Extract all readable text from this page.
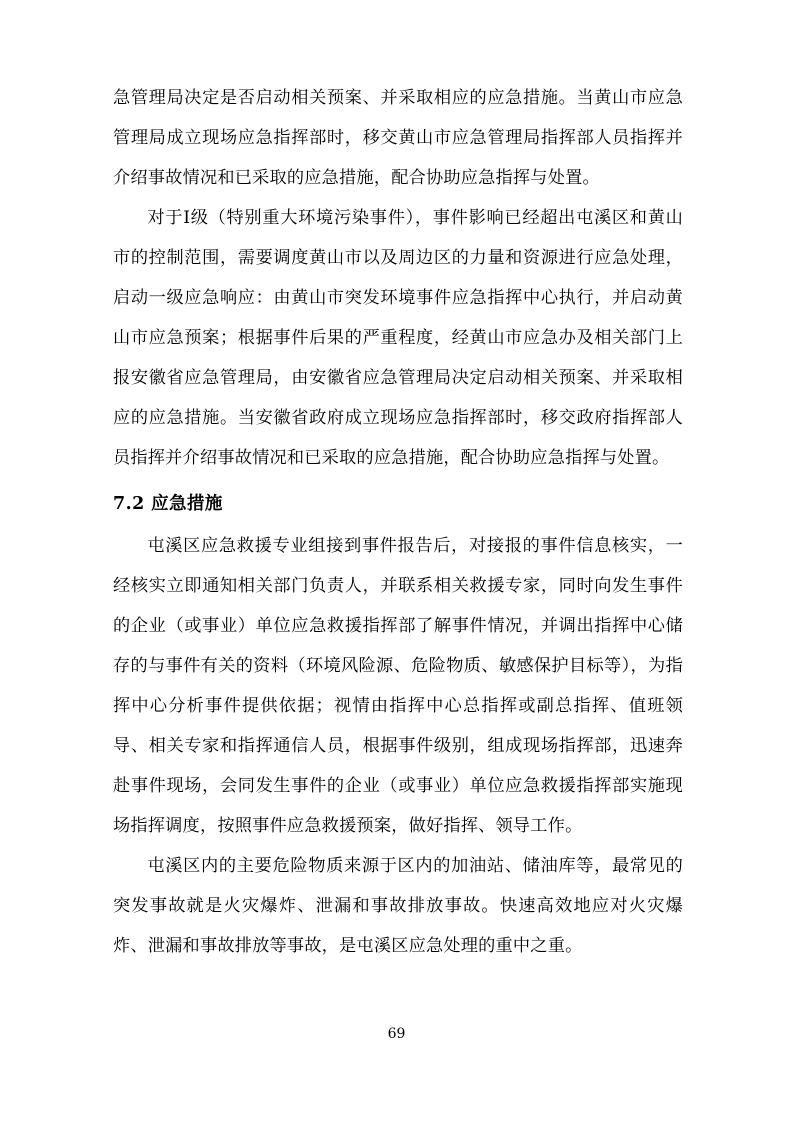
急管理局决定是否启动相关预案、并采取相应的应急措施。当黄山市应急管理局成立现场应急指挥部时，移交黄山市应急管理局指挥部人员指挥并介绍事故情况和已采取的应急措施，配合协助应急指挥与处置。

对于Ⅰ级（特别重大环境污染事件），事件影响已经超出屯溪区和黄山市的控制范围，需要调度黄山市以及周边区的力量和资源进行应急处理，启动一级应急响应：由黄山市突发环境事件应急指挥中心执行，并启动黄山市应急预案；根据事件后果的严重程度，经黄山市应急办及相关部门上报安徽省应急管理局，由安徽省应急管理局决定启动相关预案、并采取相应的应急措施。当安徽省政府成立现场应急指挥部时，移交政府指挥部人员指挥并介绍事故情况和已采取的应急措施，配合协助应急指挥与处置。

7.2 应急措施

屯溪区应急救援专业组接到事件报告后，对接报的事件信息核实，一经核实立即通知相关部门负责人，并联系相关救援专家，同时向发生事件的企业（或事业）单位应急救援指挥部了解事件情况，并调出指挥中心储存的与事件有关的资料（环境风险源、危险物质、敏感保护目标等），为指挥中心分析事件提供依据；视情由指挥中心总指挥或副总指挥、值班领导、相关专家和指挥通信人员，根据事件级别，组成现场指挥部，迅速奔赴事件现场，会同发生事件的企业（或事业）单位应急救援指挥部实施现场指挥调度，按照事件应急救援预案，做好指挥、领导工作。

屯溪区内的主要危险物质来源于区内的加油站、储油库等，最常见的突发事故就是火灾爆炸、泄漏和事故排放事故。快速高效地应对火灾爆炸、泄漏和事故排放等事故，是屯溪区应急处理的重中之重。

69
